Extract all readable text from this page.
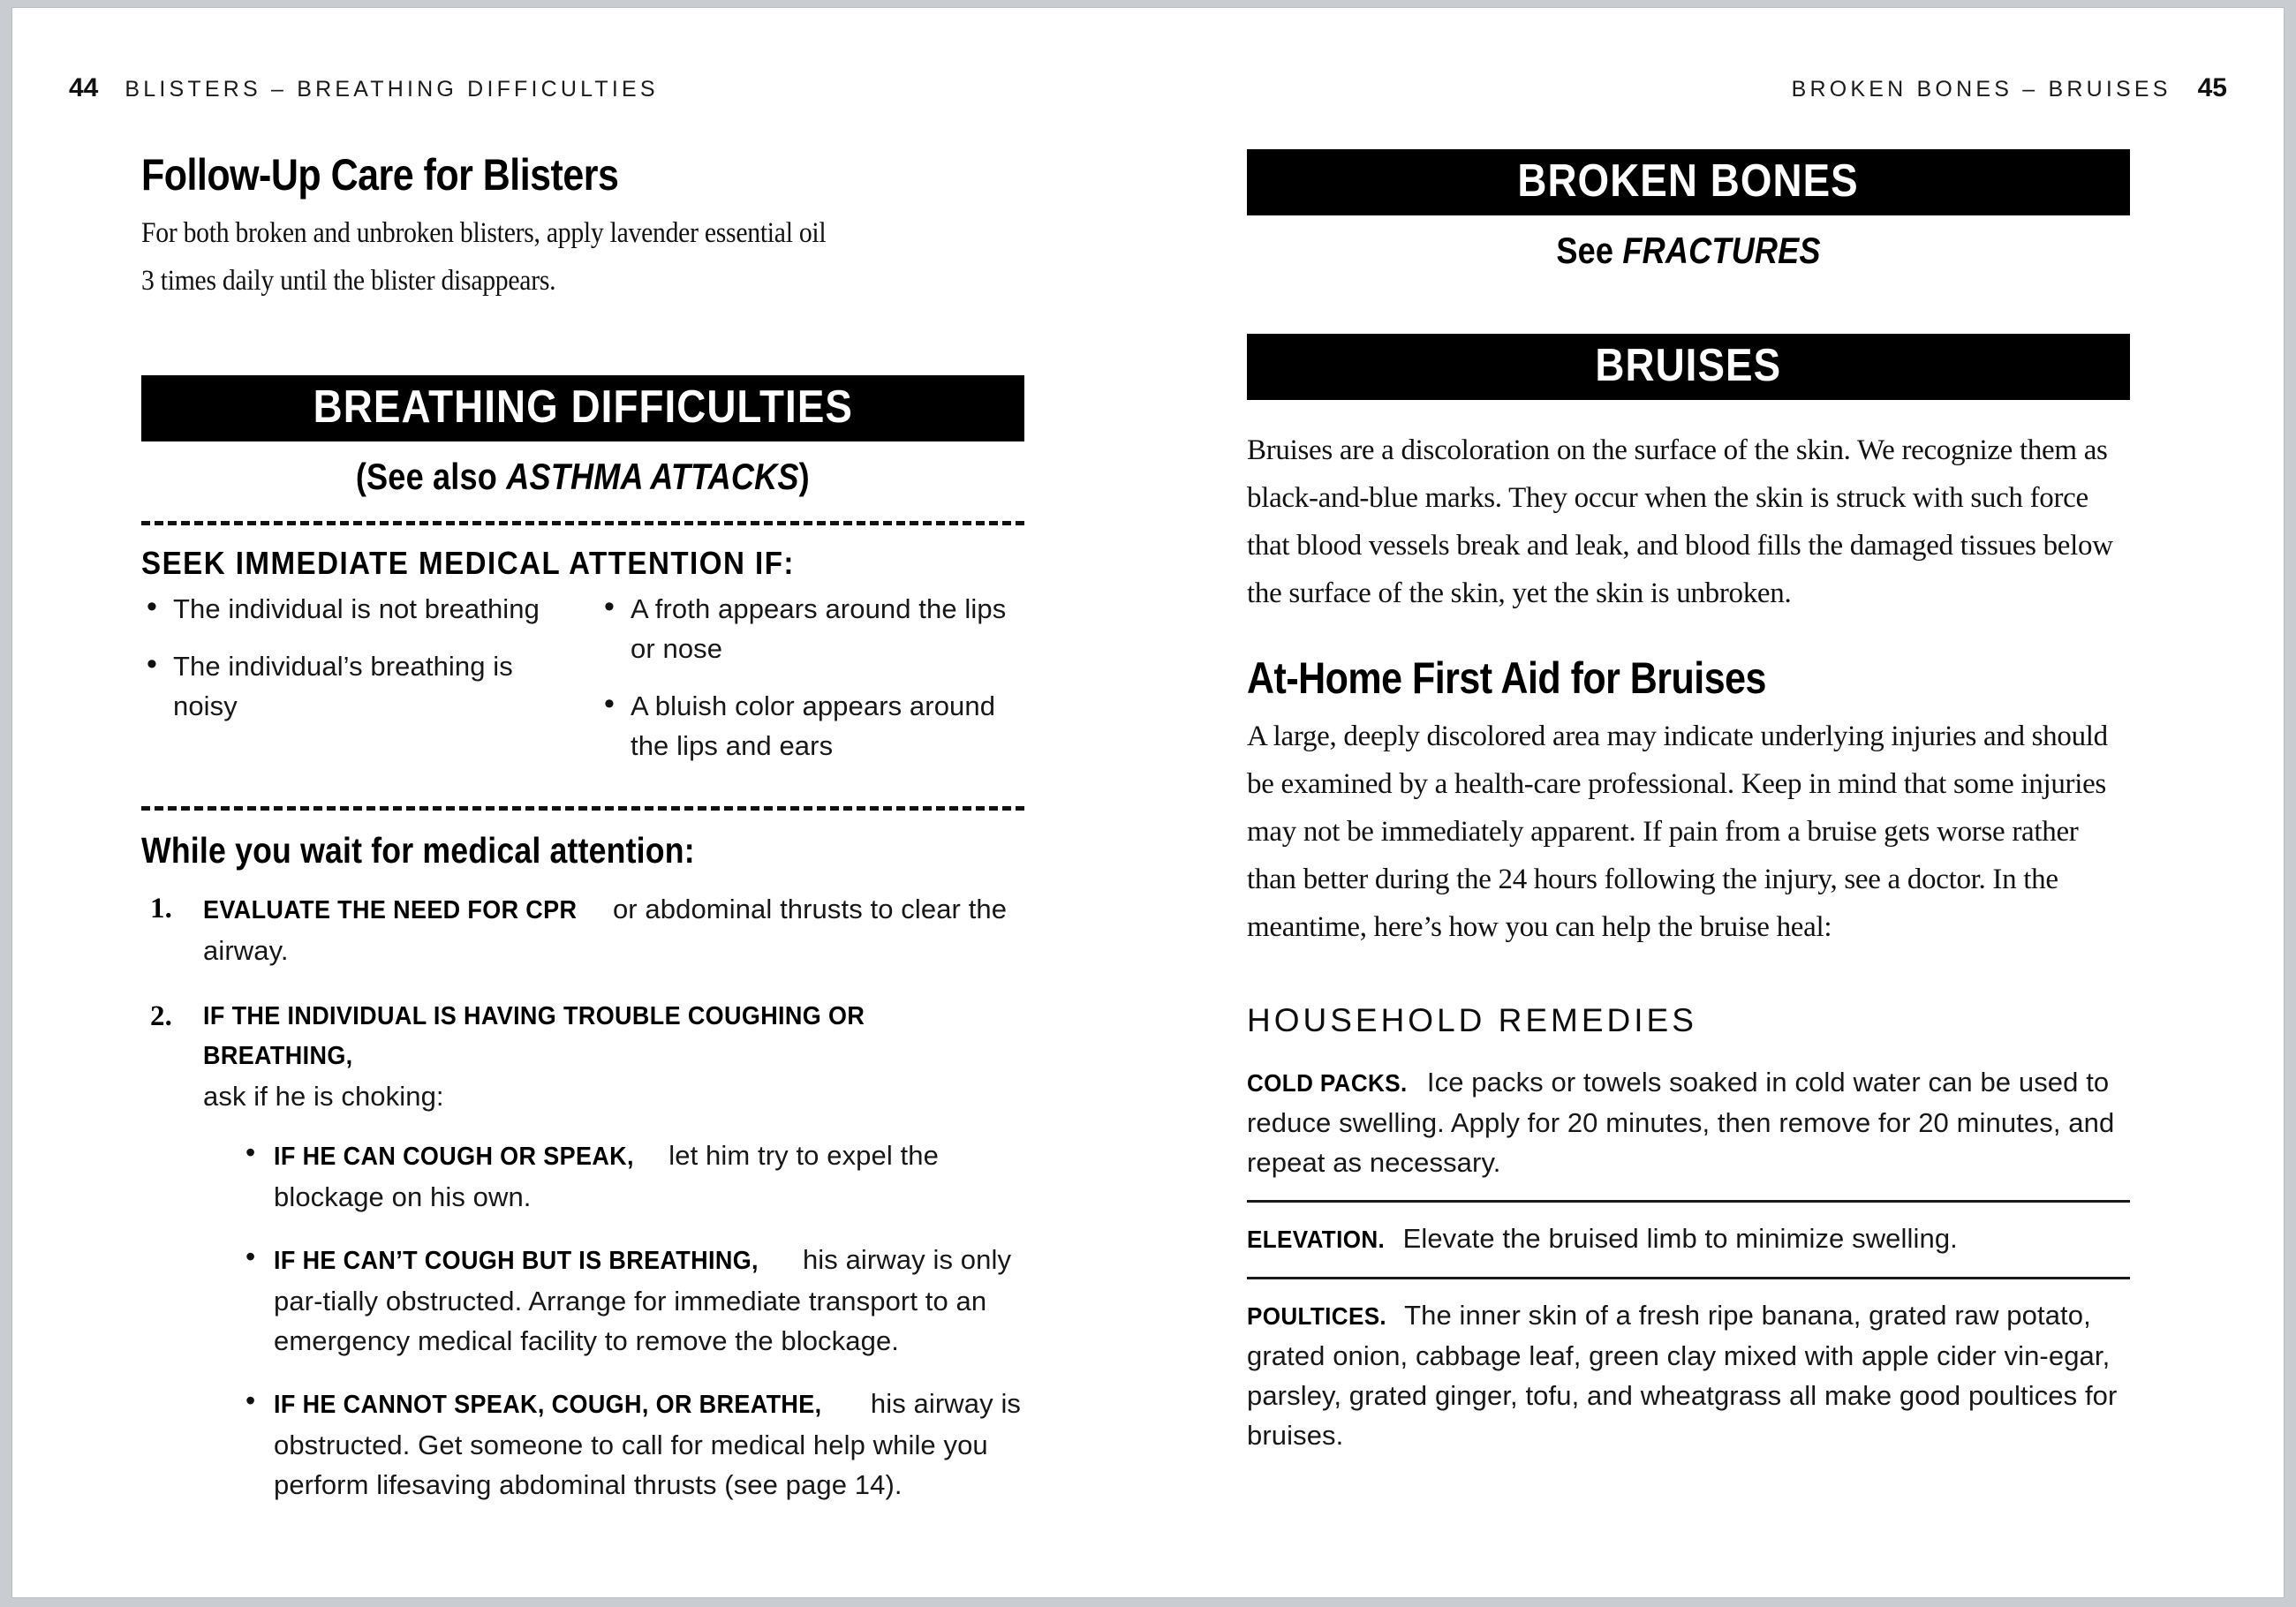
44 BLISTERS – BREATHING DIFFICULTIES
Follow-Up Care for Blisters

For both broken and unbroken blisters, apply lavender essential oil
3 times daily until the blister disappears.

BREATHING DIFFICULTIES
(See also ASTHMA ATTACKS)
SEEK IMMEDIATE MEDICAL ATTENTION IF:
• The individual is not breathing
• The individual’s breathing is noisy
• A froth appears around the lips or nose
• A bluish color appears around the lips and ears
While you wait for medical attention:
1. EVALUATE THE NEED FOR CPR or abdominal thrusts to clear the airway.
2. IF THE INDIVIDUAL IS HAVING TROUBLE COUGHING OR BREATHING, ask if he is choking:
• IF HE CAN COUGH OR SPEAK, let him try to expel the blockage on his own.
• IF HE CAN’T COUGH BUT IS BREATHING, his airway is only par-tially obstructed. Arrange for immediate transport to an emergency medical facility to remove the blockage.
• IF HE CANNOT SPEAK, COUGH, OR BREATHE, his airway is obstructed. Get someone to call for medical help while you perform lifesaving abdominal thrusts (see page 14).
BROKEN BONES – BRUISES 45
BROKEN BONES
See FRACTURES
BRUISES

Bruises are a discoloration on the surface of the skin. We recognize them as black-and-blue marks. They occur when the skin is struck with such force that blood vessels break and leak, and blood fills the damaged tissues below the surface of the skin, yet the skin is unbroken.

At-Home First Aid for Bruises

A large, deeply discolored area may indicate underlying injuries and should be examined by a health-care professional. Keep in mind that some injuries may not be immediately apparent. If pain from a bruise gets worse rather than better during the 24 hours following the injury, see a doctor. In the meantime, here’s how you can help the bruise heal:

HOUSEHOLD REMEDIES

COLD PACKS. Ice packs or towels soaked in cold water can be used to reduce swelling. Apply for 20 minutes, then remove for 20 minutes, and repeat as necessary.

ELEVATION. Elevate the bruised limb to minimize swelling.

POULTICES. The inner skin of a fresh ripe banana, grated raw potato, grated onion, cabbage leaf, green clay mixed with apple cider vin-egar, parsley, grated ginger, tofu, and wheatgrass all make good poultices for bruises.
